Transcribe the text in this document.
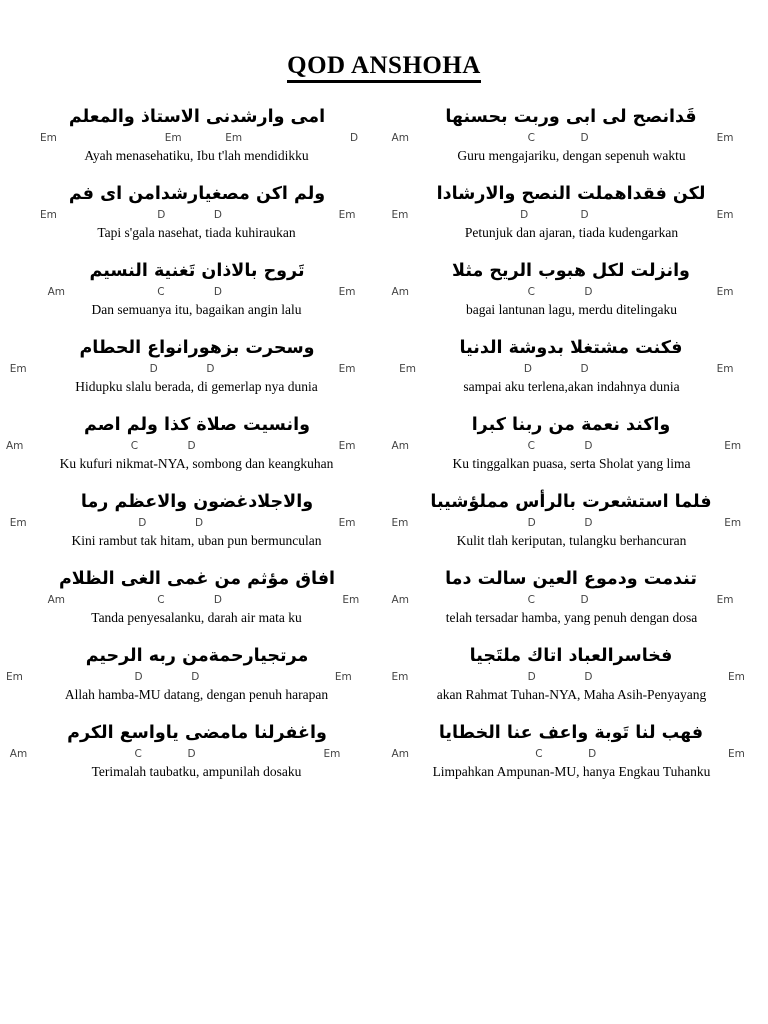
QOD ANSHOHA
امى وارشدنى الاستاذ والمعلم	قَدانصح لى ابى وربت بحسنها
Em	Em	Em	D	Am	C	D	Em
Ayah menasehatiku, Ibu t'lah mendidikku	Guru mengajariku, dengan sepenuh waktu
ولم اكن مصغيارشدامن اى فم	لكن فقداهملت النصح والارشادا
Em	D	D	Em	Em	D	D	Em
Tapi s'gala nasehat, tiada kuhiraukan	Petunjuk dan ajaran, tiada kudengarkan
تَروح بالاذان تَغنية النسيم	وانزلت لكل هبوب الريح مثلا
Am	C	D	Em	Am	C	D	Em
Dan semuanya itu, bagaikan angin lalu	bagai lantunan lagu, merdu ditelingaku
وسحرت بزهورانواع الحطام	فكنت مشتغلا بدوشة الدنيا
Em	D	D	Em	Em	D	D	Em
Hidupku slalu berada, di gemerlap nya dunia	sampai aku terlena,akan indahnya dunia
وانسيت صلاة كذا ولم اصم	واكند نعمة من ربنا كبرا
Am	C	D	Em	Am	C	D	Em
Ku kufuri nikmat-NYA, sombong dan keangkuhan	Ku tinggalkan puasa, serta Sholat yang lima
والاجلادغضون والاعظم رما	فلما استشعرت بالرأس مملؤشيبا
Em	D	D	Em	Em	D	D	Em
Kini rambut tak hitam, uban pun bermunculan	Kulit tlah keriputan, tulangku berhancuran
افاق مؤثم من غمى الغى الظلام	تندمت ودموع العين سالت دما
Am	C	D	Em	Am	C	D	Em
Tanda penyesalanku, darah air mata ku	telah tersadar hamba, yang penuh dengan dosa
مرتجيارحمةمن ربه الرحيم	فخاسرالعباد اتاك ملتَجيا
Em	D	D	Em	Em	D	D	Em
Allah hamba-MU datang, dengan penuh harapan	akan Rahmat Tuhan-NYA, Maha Asih-Penyayang
واغفرلنا مامضى ياواسع الكرم	فهب لنا تَوبة واعف عنا الخطايا
Am	C	D	Em	Am	C	D	Em
Terimalah taubatku, ampunilah dosaku	Limpahkan Ampunan-MU, hanya Engkau Tuhanku
